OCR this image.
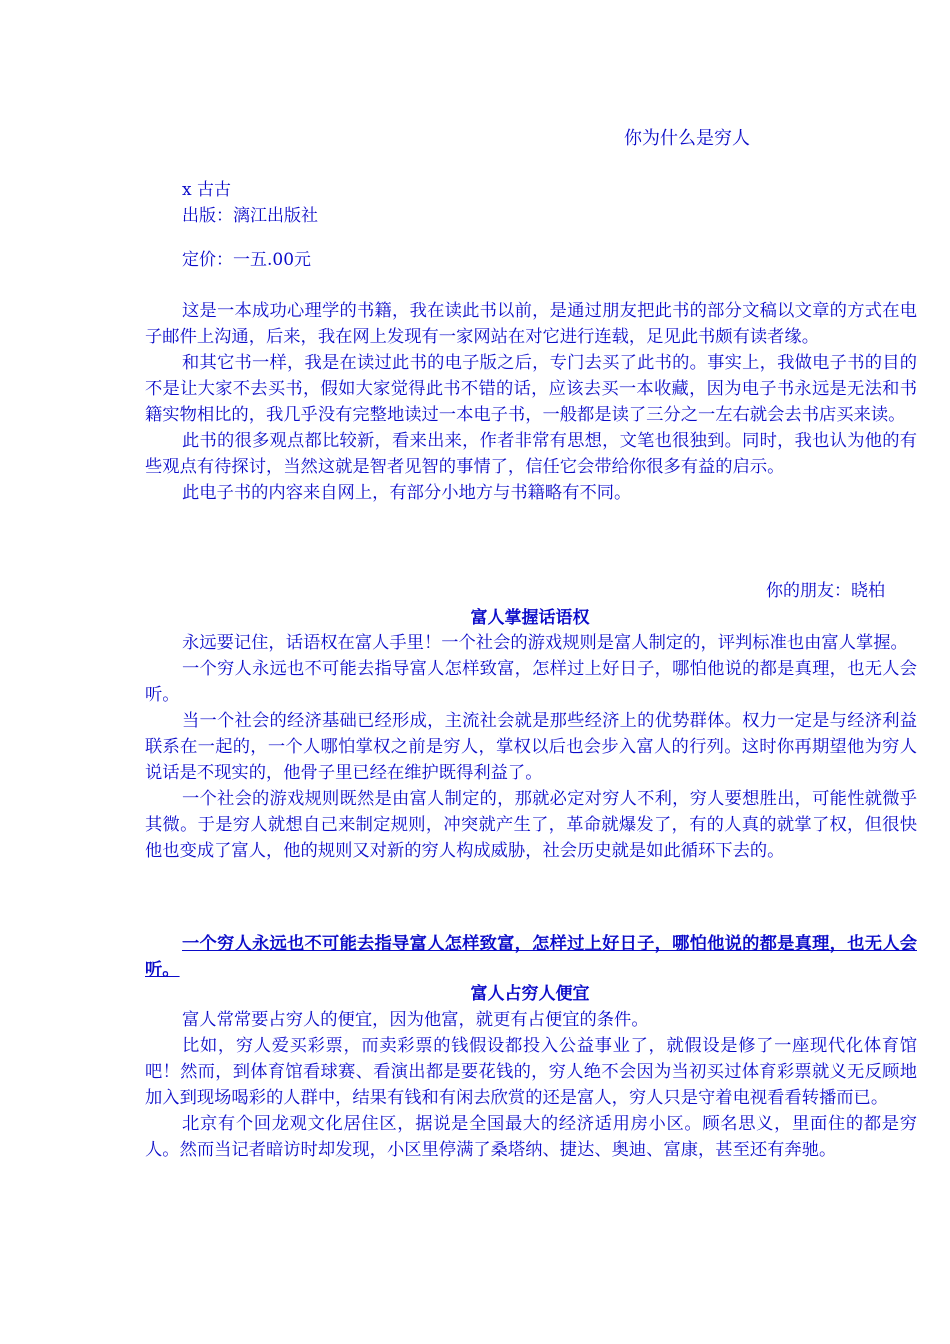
你为什么是穷人
x 古古
出版：漓江出版社
定价：一五.00元

这是一本成功心理学的书籍，我在读此书以前，是通过朋友把此书的部分文稿以文章的方式在电子邮件上沟通，后来，我在网上发现有一家网站在对它进行连载，足见此书颇有读者缘。

和其它书一样，我是在读过此书的电子版之后，专门去买了此书的。事实上，我做电子书的目的不是让大家不去买书，假如大家觉得此书不错的话，应该去买一本收藏，因为电子书永远是无法和书籍实物相比的，我几乎没有完整地读过一本电子书，一般都是读了三分之一左右就会去书店买来读。

此书的很多观点都比较新，看来出来，作者非常有思想，文笔也很独到。同时，我也认为他的有些观点有待探讨，当然这就是智者见智的事情了，信任它会带给你很多有益的启示。

此电子书的内容来自网上，有部分小地方与书籍略有不同。

你的朋友：晓柏
富人掌握话语权

永远要记住，话语权在富人手里！一个社会的游戏规则是富人制定的，评判标准也由富人掌握。

一个穷人永远也不可能去指导富人怎样致富，怎样过上好日子，哪怕他说的都是真理，也无人会听。

当一个社会的经济基础已经形成，主流社会就是那些经济上的优势群体。权力一定是与经济利益联系在一起的，一个人哪怕掌权之前是穷人，掌权以后也会步入富人的行列。这时你再期望他为穷人说话是不现实的，他骨子里已经在维护既得利益了。

一个社会的游戏规则既然是由富人制定的，那就必定对穷人不利，穷人要想胜出，可能性就微乎其微。于是穷人就想自己来制定规则，冲突就产生了，革命就爆发了，有的人真的就掌了权，但很快他也变成了富人，他的规则又对新的穷人构成威胁，社会历史就是如此循环下去的。

一个穷人永远也不可能去指导富人怎样致富，怎样过上好日子，哪怕他说的都是真理，也无人会听。

富人占穷人便宜

富人常常要占穷人的便宜，因为他富，就更有占便宜的条件。

比如，穷人爱买彩票，而卖彩票的钱假设都投入公益事业了，就假设是修了一座现代化体育馆吧！然而，到体育馆看球赛、看演出都是要花钱的，穷人绝不会因为当初买过体育彩票就义无反顾地加入到现场喝彩的人群中，结果有钱和有闲去欣赏的还是富人，穷人只是守着电视看看转播而已。

北京有个回龙观文化居住区，据说是全国最大的经济适用房小区。顾名思义，里面住的都是穷人。然而当记者暗访时却发现，小区里停满了桑塔纳、捷达、奥迪、富康，甚至还有奔驰。
